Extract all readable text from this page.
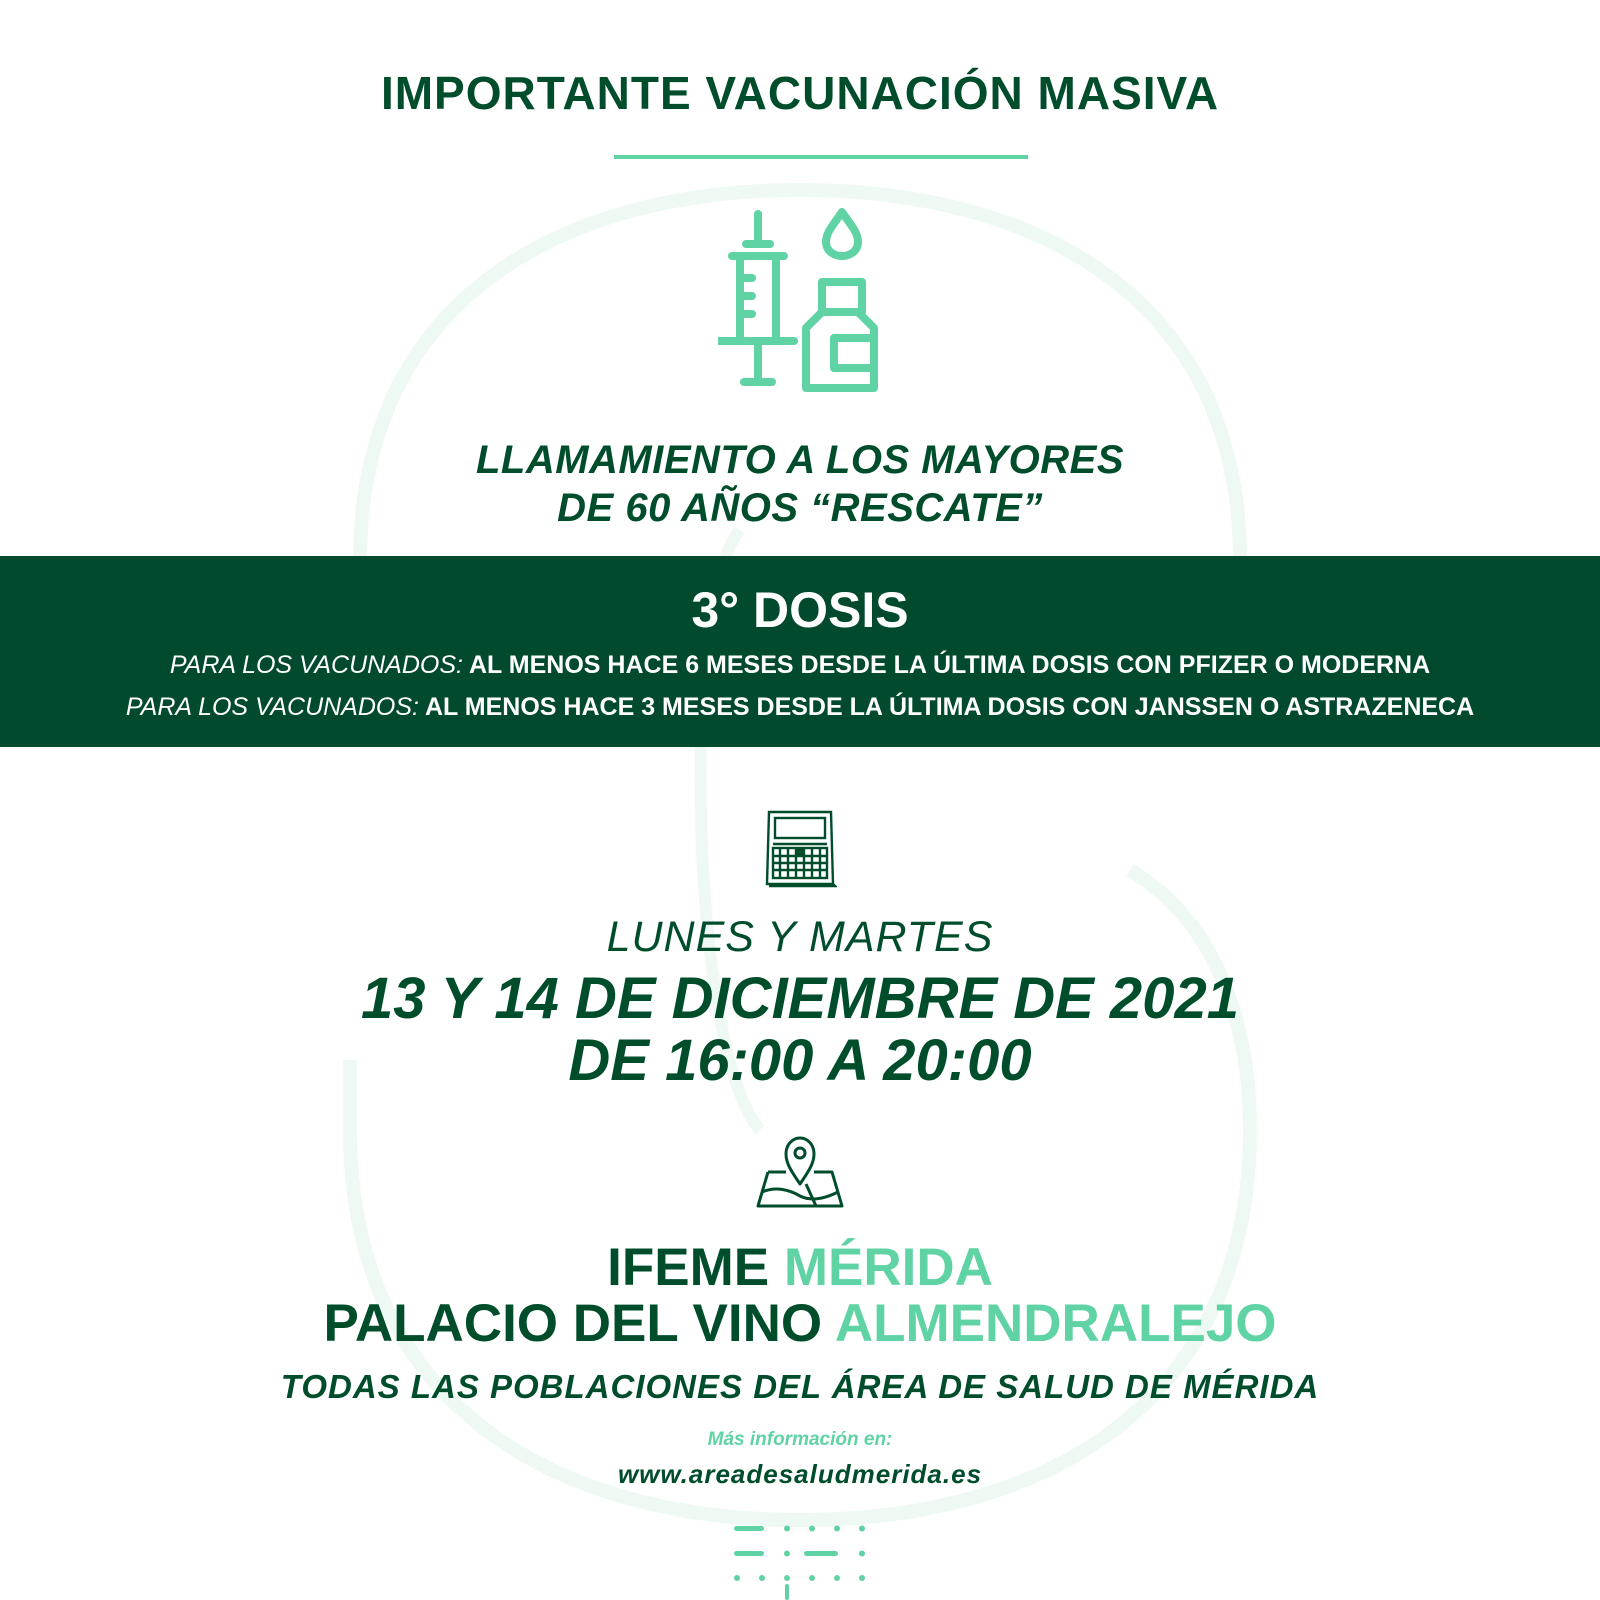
IMPORTANTE VACUNACIÓN MASIVA
LLAMAMIENTO A LOS MAYORES
DE 60 AÑOS “RESCATE”
3° DOSIS
PARA LOS VACUNADOS: AL MENOS HACE 6 MESES DESDE LA ÚLTIMA DOSIS CON PFIZER O MODERNA
PARA LOS VACUNADOS: AL MENOS HACE 3 MESES DESDE LA ÚLTIMA DOSIS CON JANSSEN O ASTRAZENECA
LUNES Y MARTES
13 Y 14 DE DICIEMBRE DE 2021
DE 16:00 A 20:00
IFEME MÉRIDA
PALACIO DEL VINO ALMENDRALEJO
TODAS LAS POBLACIONES DEL ÁREA DE SALUD DE MÉRIDA
Más información en:
www.areadesaludmerida.es
